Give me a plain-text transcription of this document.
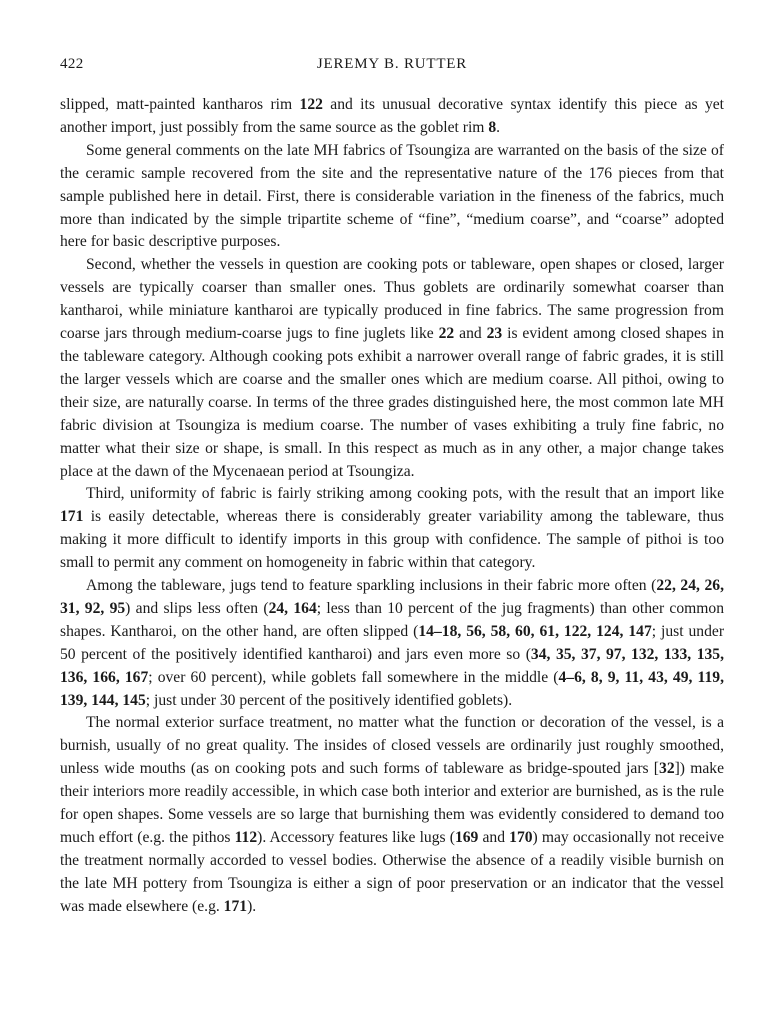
422	JEREMY B. RUTTER

slipped, matt-painted kantharos rim 122 and its unusual decorative syntax identify this piece as yet another import, just possibly from the same source as the goblet rim 8.

Some general comments on the late MH fabrics of Tsoungiza are warranted on the basis of the size of the ceramic sample recovered from the site and the representative nature of the 176 pieces from that sample published here in detail. First, there is considerable variation in the fineness of the fabrics, much more than indicated by the simple tripartite scheme of “fine”, “medium coarse”, and “coarse” adopted here for basic descriptive purposes.

Second, whether the vessels in question are cooking pots or tableware, open shapes or closed, larger vessels are typically coarser than smaller ones. Thus goblets are ordinarily somewhat coarser than kantharoi, while miniature kantharoi are typically produced in fine fabrics. The same progression from coarse jars through medium-coarse jugs to fine juglets like 22 and 23 is evident among closed shapes in the tableware category. Although cooking pots exhibit a narrower overall range of fabric grades, it is still the larger vessels which are coarse and the smaller ones which are medium coarse. All pithoi, owing to their size, are naturally coarse. In terms of the three grades distinguished here, the most common late MH fabric division at Tsoungiza is medium coarse. The number of vases exhibiting a truly fine fabric, no matter what their size or shape, is small. In this respect as much as in any other, a major change takes place at the dawn of the Mycenaean period at Tsoungiza.

Third, uniformity of fabric is fairly striking among cooking pots, with the result that an import like 171 is easily detectable, whereas there is considerably greater variability among the tableware, thus making it more difficult to identify imports in this group with confidence. The sample of pithoi is too small to permit any comment on homogeneity in fabric within that category.

Among the tableware, jugs tend to feature sparkling inclusions in their fabric more often (22, 24, 26, 31, 92, 95) and slips less often (24, 164; less than 10 percent of the jug fragments) than other common shapes. Kantharoi, on the other hand, are often slipped (14–18, 56, 58, 60, 61, 122, 124, 147; just under 50 percent of the positively identified kantharoi) and jars even more so (34, 35, 37, 97, 132, 133, 135, 136, 166, 167; over 60 percent), while goblets fall somewhere in the middle (4–6, 8, 9, 11, 43, 49, 119, 139, 144, 145; just under 30 percent of the positively identified goblets).

The normal exterior surface treatment, no matter what the function or decoration of the vessel, is a burnish, usually of no great quality. The insides of closed vessels are ordinarily just roughly smoothed, unless wide mouths (as on cooking pots and such forms of tableware as bridge-spouted jars [32]) make their interiors more readily accessible, in which case both interior and exterior are burnished, as is the rule for open shapes. Some vessels are so large that burnishing them was evidently considered to demand too much effort (e.g. the pithos 112). Accessory features like lugs (169 and 170) may occasionally not receive the treatment normally accorded to vessel bodies. Otherwise the absence of a readily visible burnish on the late MH pottery from Tsoungiza is either a sign of poor preservation or an indicator that the vessel was made elsewhere (e.g. 171).
